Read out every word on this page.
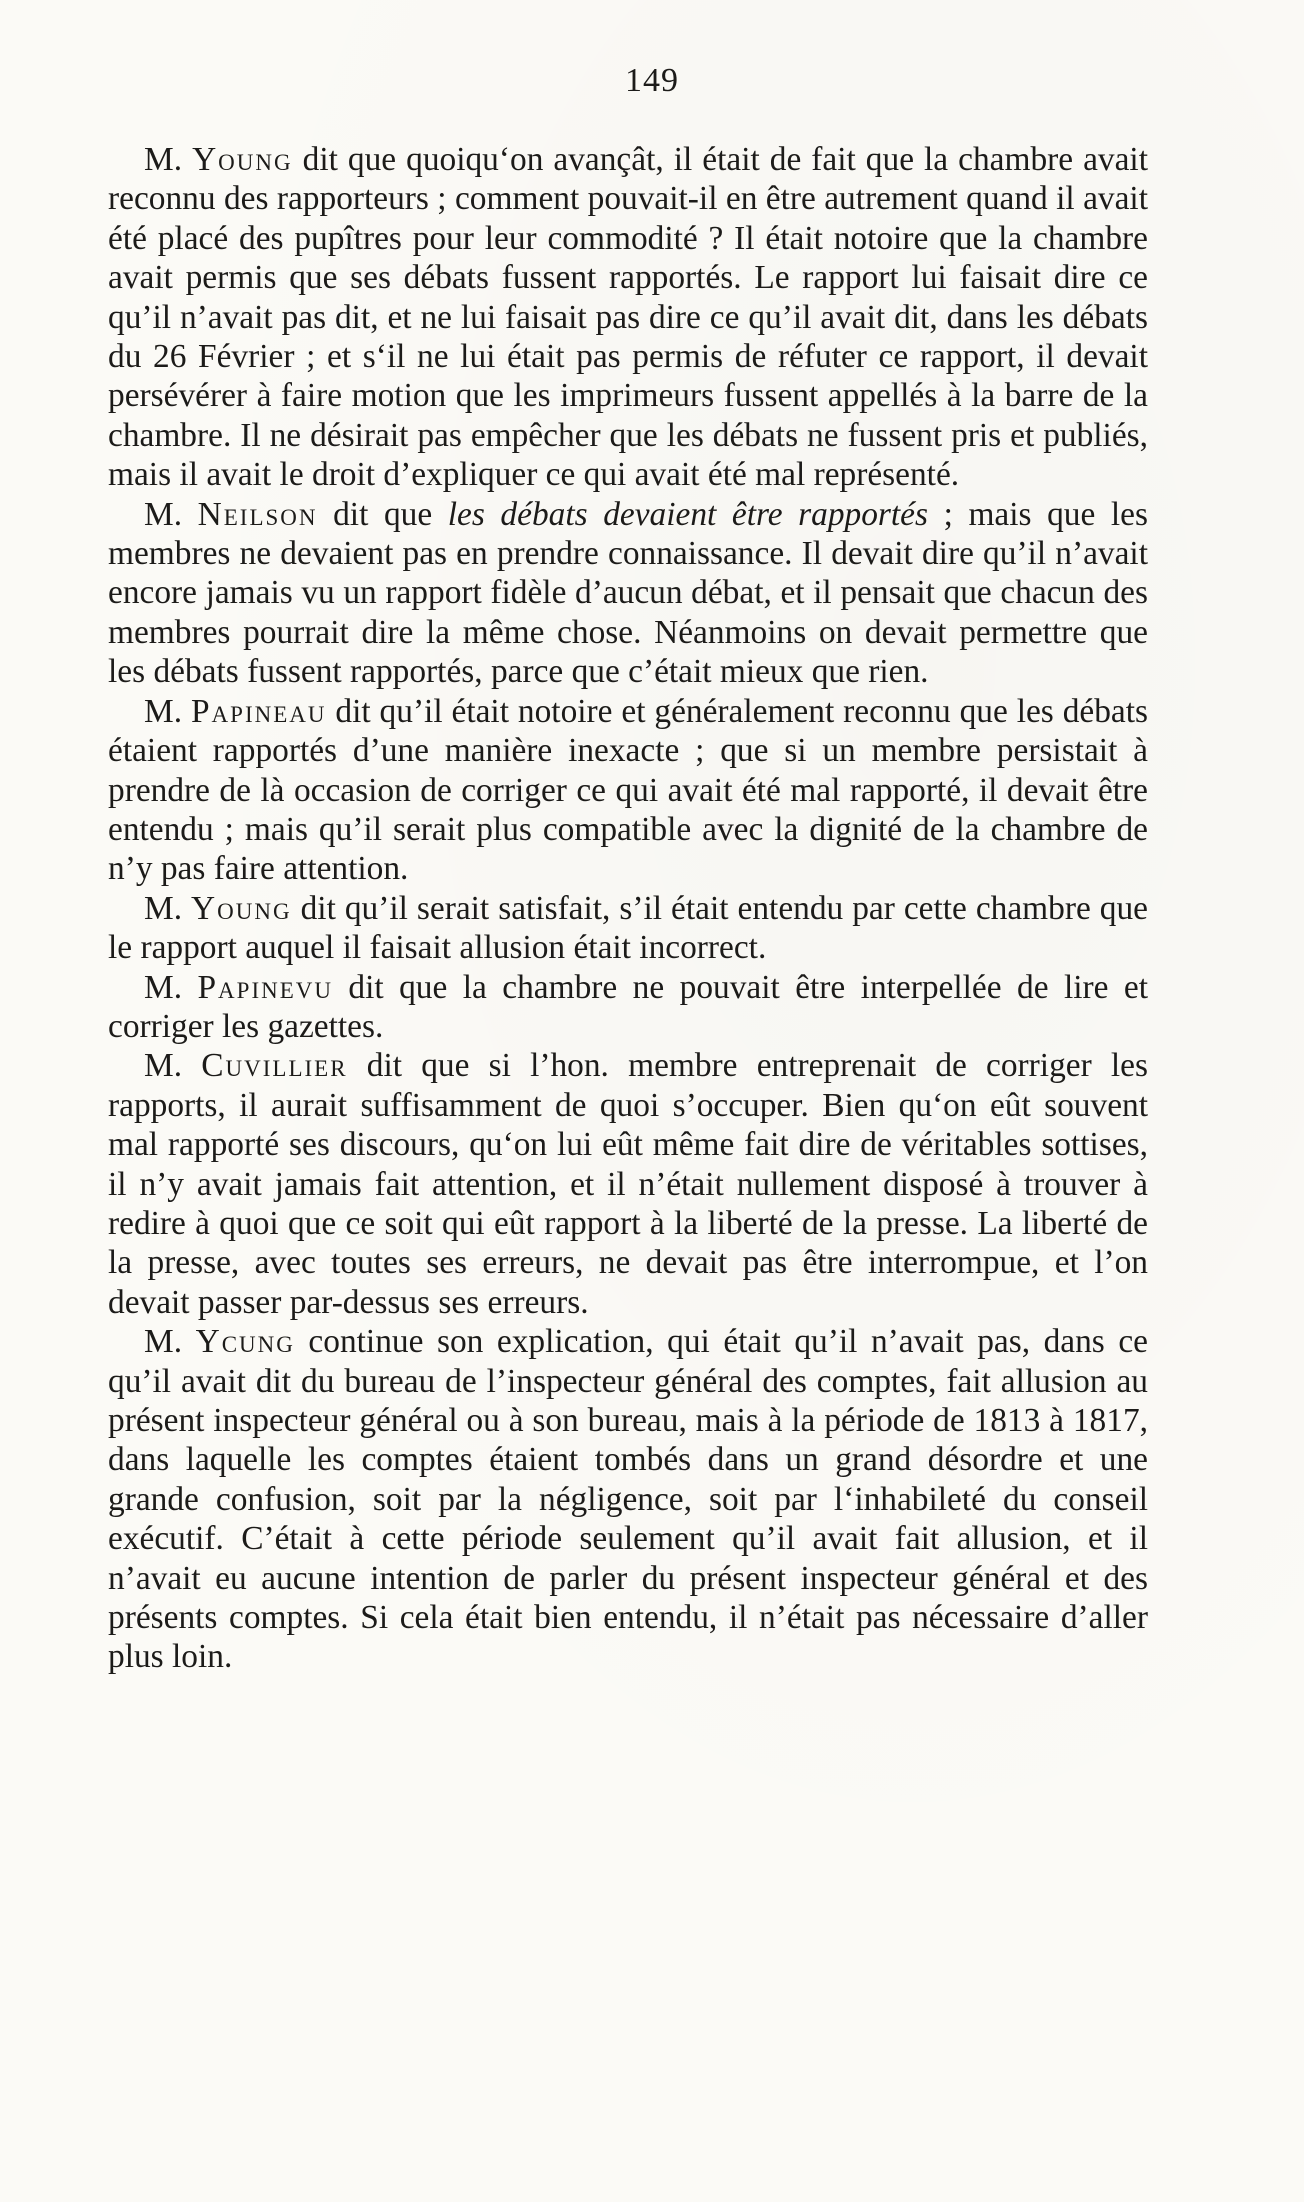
149

M. Young dit que quoiqu‘on avançât, il était de fait que la chambre avait reconnu des rapporteurs ; comment pouvait-il en être autrement quand il avait été placé des pupîtres pour leur commodité ? Il était notoire que la chambre avait permis que ses débats fussent rapportés. Le rapport lui faisait dire ce qu’il n’avait pas dit, et ne lui faisait pas dire ce qu’il avait dit, dans les débats du 26 Février ; et s‘il ne lui était pas permis de réfuter ce rapport, il devait persévérer à faire motion que les imprimeurs fussent appellés à la barre de la chambre. Il ne désirait pas empêcher que les débats ne fussent pris et publiés, mais il avait le droit d’expliquer ce qui avait été mal représenté.

M. Neilson dit que les débats devaient être rapportés ; mais que les membres ne devaient pas en prendre connaissance. Il devait dire qu’il n’avait encore jamais vu un rapport fidèle d’aucun débat, et il pensait que chacun des membres pourrait dire la même chose. Néanmoins on devait permettre que les débats fussent rapportés, parce que c’était mieux que rien.

M. Papineau dit qu’il était notoire et généralement reconnu que les débats étaient rapportés d’une manière inexacte ; que si un membre persistait à prendre de là occasion de corriger ce qui avait été mal rapporté, il devait être entendu ; mais qu’il serait plus compatible avec la dignité de la chambre de n’y pas faire attention.

M. Young dit qu’il serait satisfait, s’il était entendu par cette chambre que le rapport auquel il faisait allusion était incorrect.

M. Papinevu dit que la chambre ne pouvait être interpellée de lire et corriger les gazettes.

M. Cuvillier dit que si l’hon. membre entreprenait de corriger les rapports, il aurait suffisamment de quoi s’occuper. Bien qu‘on eût souvent mal rapporté ses discours, qu‘on lui eût même fait dire de véritables sottises, il n’y avait jamais fait attention, et il n’était nullement disposé à trouver à redire à quoi que ce soit qui eût rapport à la liberté de la presse. La liberté de la presse, avec toutes ses erreurs, ne devait pas être interrompue, et l’on devait passer par-dessus ses erreurs.

M. Ycung continue son explication, qui était qu’il n’avait pas, dans ce qu’il avait dit du bureau de l’inspecteur général des comptes, fait allusion au présent inspecteur général ou à son bureau, mais à la période de 1813 à 1817, dans laquelle les comptes étaient tombés dans un grand désordre et une grande confusion, soit par la négligence, soit par l‘inhabileté du conseil exécutif. C’était à cette période seulement qu’il avait fait allusion, et il n’avait eu aucune intention de parler du présent inspecteur général et des présents comptes. Si cela était bien entendu, il n’était pas nécessaire d’aller plus loin.
